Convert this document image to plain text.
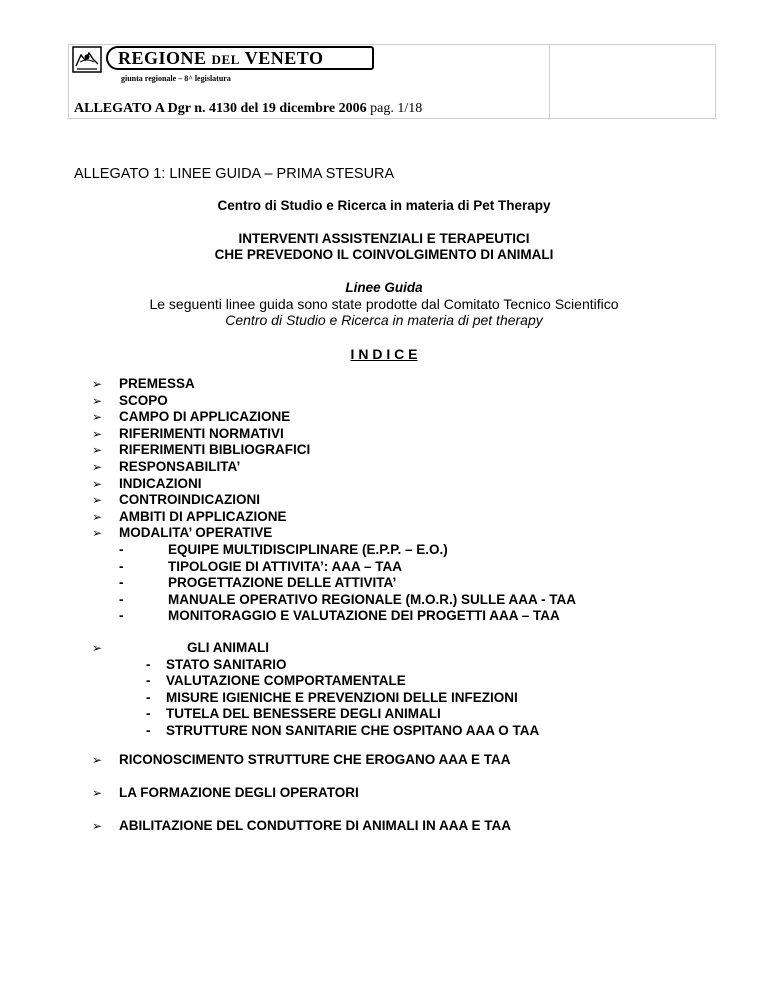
REGIONE DEL VENETO
giunta regionale – 8^ legislatura
ALLEGATO A Dgr n. 4130 del 19 dicembre 2006 pag. 1/18
ALLEGATO 1: LINEE GUIDA – PRIMA STESURA
Centro di Studio e Ricerca in materia di Pet Therapy
INTERVENTI ASSISTENZIALI E TERAPEUTICI
CHE PREVEDONO IL COINVOLGIMENTO DI ANIMALI
Linee Guida
Le seguenti linee guida sono state prodotte dal Comitato Tecnico Scientifico
Centro di Studio e Ricerca in materia di pet therapy
I N D I C E
➢ PREMESSA
➢ SCOPO
➢ CAMPO DI APPLICAZIONE
➢ RIFERIMENTI NORMATIVI
➢ RIFERIMENTI BIBLIOGRAFICI
➢ RESPONSABILITA’
➢ INDICAZIONI
➢ CONTROINDICAZIONI
➢ AMBITI DI APPLICAZIONE
➢ MODALITA’ OPERATIVE
-	EQUIPE MULTIDISCIPLINARE (E.P.P. – E.O.)
-	TIPOLOGIE DI ATTIVITA’: AAA – TAA
-	PROGETTAZIONE DELLE ATTIVITA’
-	MANUALE OPERATIVO REGIONALE (M.O.R.) SULLE AAA - TAA
-	MONITORAGGIO E VALUTAZIONE DEI PROGETTI AAA – TAA
➢	GLI ANIMALI
- STATO SANITARIO
- VALUTAZIONE COMPORTAMENTALE
- MISURE IGIENICHE E PREVENZIONI DELLE INFEZIONI
- TUTELA DEL BENESSERE DEGLI ANIMALI
- STRUTTURE NON SANITARIE CHE OSPITANO AAA O TAA
➢ RICONOSCIMENTO STRUTTURE CHE EROGANO AAA E TAA
➢ LA FORMAZIONE DEGLI OPERATORI
➢ ABILITAZIONE DEL CONDUTTORE DI ANIMALI IN AAA E TAA
